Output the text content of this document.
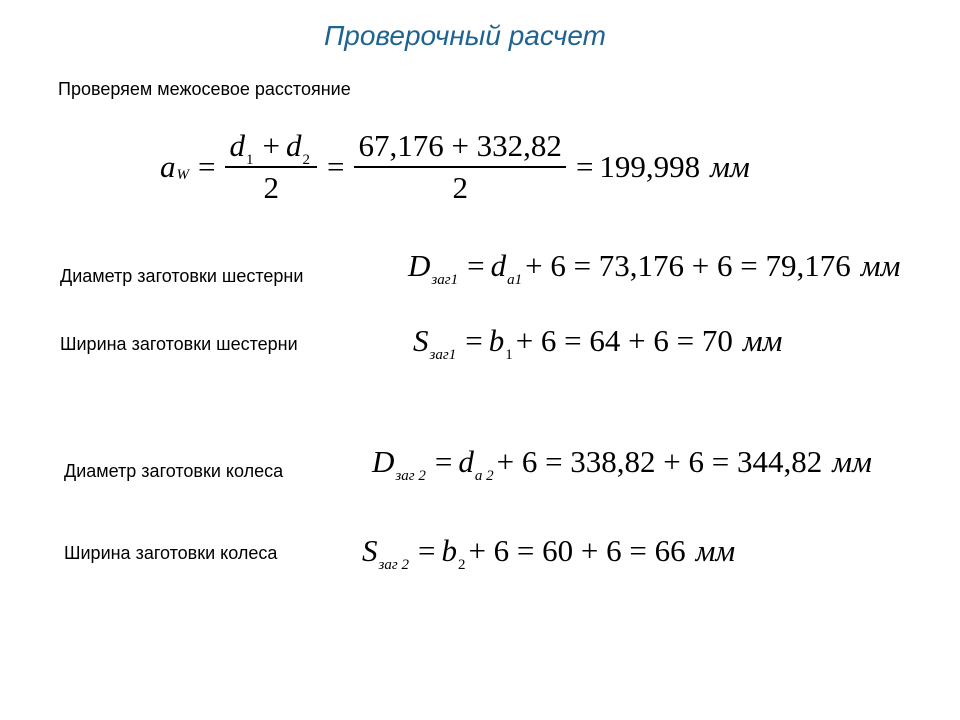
Проверочный расчет
Проверяем межосевое расстояние
a $W = \frac{d 1 + d 2}{2} = \frac{67,176 + 332,82}{2} = 199,998$ мм
Диаметр заготовки шестерни	D заг1 = d a1 + 6 = 73,176 + 6 = 79,176 мм
Ширина заготовки шестерни	S заг1 = b 1 + 6 = 64 + 6 = 70 мм
Диаметр заготовки колеса	D заг 2 = d a 2 + 6 = 338,82 + 6 = 344,82 мм
Ширина заготовки колеса	S заг 2 = b 2 + 6 = 60 + 6 = 66 мм
